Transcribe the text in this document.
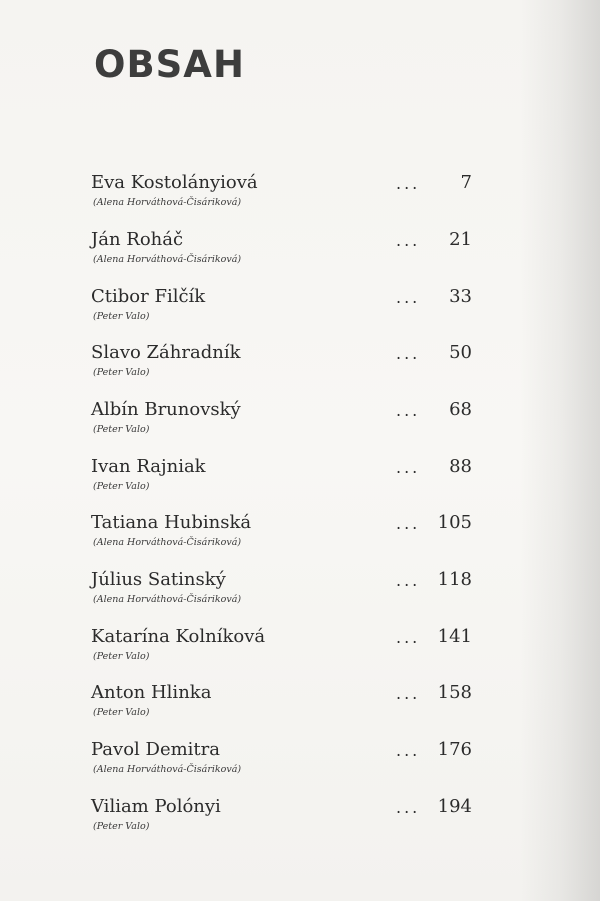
OBSAH
Eva Kostolányiová
(Alena Horváthová-Čisáriková)
... 7
Ján Roháč
(Alena Horváthová-Čisáriková)
... 21
Ctibor Filčík
(Peter Valo)
... 33
Slavo Záhradník
(Peter Valo)
... 50
Albín Brunovský
(Peter Valo)
... 68
Ivan Rajniak
(Peter Valo)
... 88
Tatiana Hubinská
(Alena Horváthová-Čisáriková)
... 105
Július Satinský
(Alena Horváthová-Čisáriková)
... 118
Katarína Kolníková
(Peter Valo)
... 141
Anton Hlinka
(Peter Valo)
... 158
Pavol Demitra
(Alena Horváthová-Čisáriková)
... 176
Viliam Polónyi
(Peter Valo)
... 194
